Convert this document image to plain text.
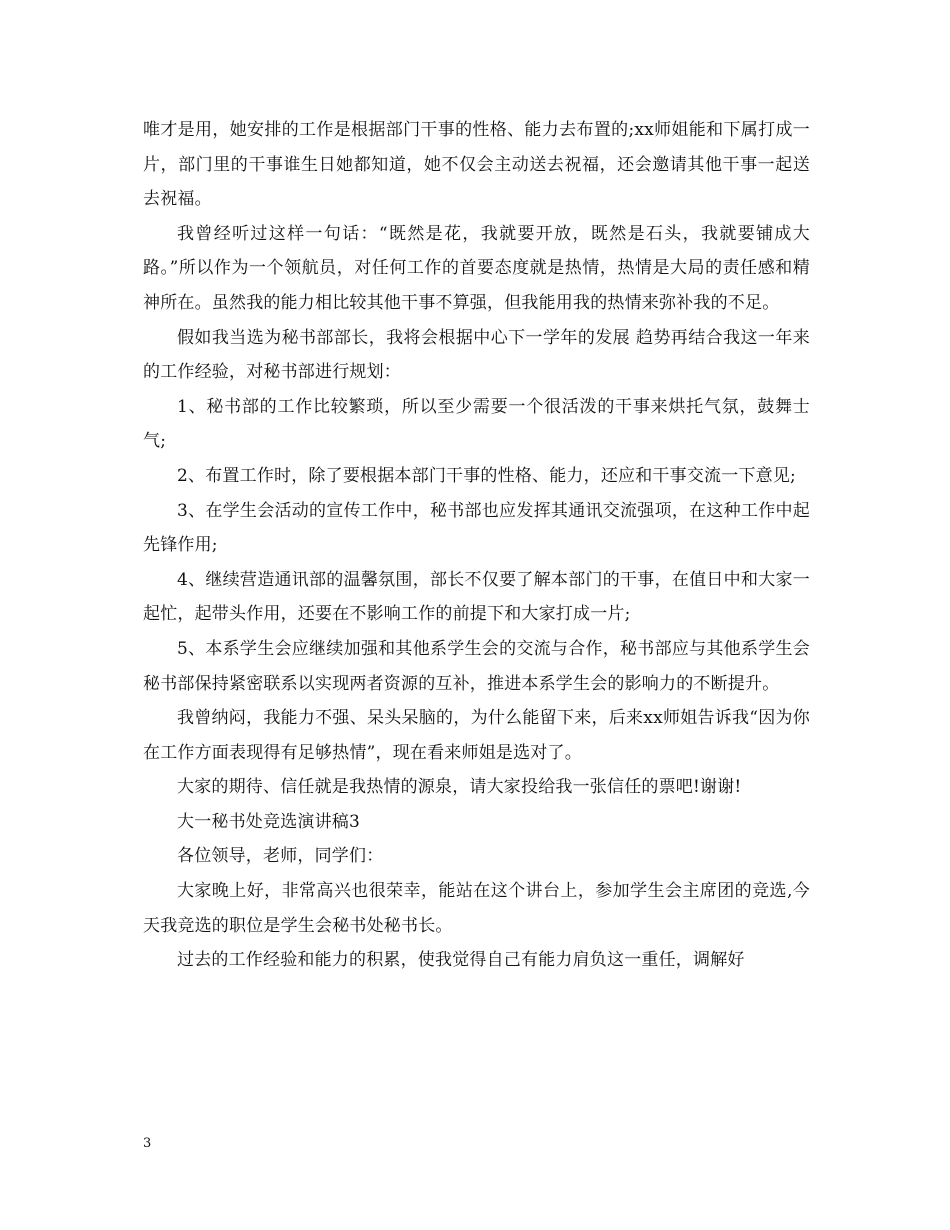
唯才是用，她安排的工作是根据部门干事的性格、能力去布置的;xx师姐能和下属打成一片，部门里的干事谁生日她都知道，她不仅会主动送去祝福，还会邀请其他干事一起送去祝福。

我曾经听过这样一句话：“既然是花，我就要开放，既然是石头，我就要铺成大路。”所以作为一个领航员，对任何工作的首要态度就是热情，热情是大局的责任感和精神所在。虽然我的能力相比较其他干事不算强，但我能用我的热情来弥补我的不足。

假如我当选为秘书部部长，我将会根据中心下一学年的发展 趋势再结合我这一年来的工作经验，对秘书部进行规划：

1、秘书部的工作比较繁琐，所以至少需要一个很活泼的干事来烘托气氛，鼓舞士气;

2、布置工作时，除了要根据本部门干事的性格、能力，还应和干事交流一下意见;

3、在学生会活动的宣传工作中，秘书部也应发挥其通讯交流强项，在这种工作中起先锋作用;

4、继续营造通讯部的温馨氛围，部长不仅要了解本部门的干事，在值日中和大家一起忙，起带头作用，还要在不影响工作的前提下和大家打成一片;

5、本系学生会应继续加强和其他系学生会的交流与合作，秘书部应与其他系学生会秘书部保持紧密联系以实现两者资源的互补，推进本系学生会的影响力的不断提升。

我曾纳闷，我能力不强、呆头呆脑的，为什么能留下来，后来xx师姐告诉我“因为你在工作方面表现得有足够热情”，现在看来师姐是选对了。

大家的期待、信任就是我热情的源泉，请大家投给我一张信任的票吧!谢谢!

大一秘书处竞选演讲稿3

各位领导，老师，同学们：

大家晚上好，非常高兴也很荣幸，能站在这个讲台上，参加学生会主席团的竞选,今天我竞选的职位是学生会秘书处秘书长。

过去的工作经验和能力的积累，使我觉得自己有能力肩负这一重任，调解好

3
